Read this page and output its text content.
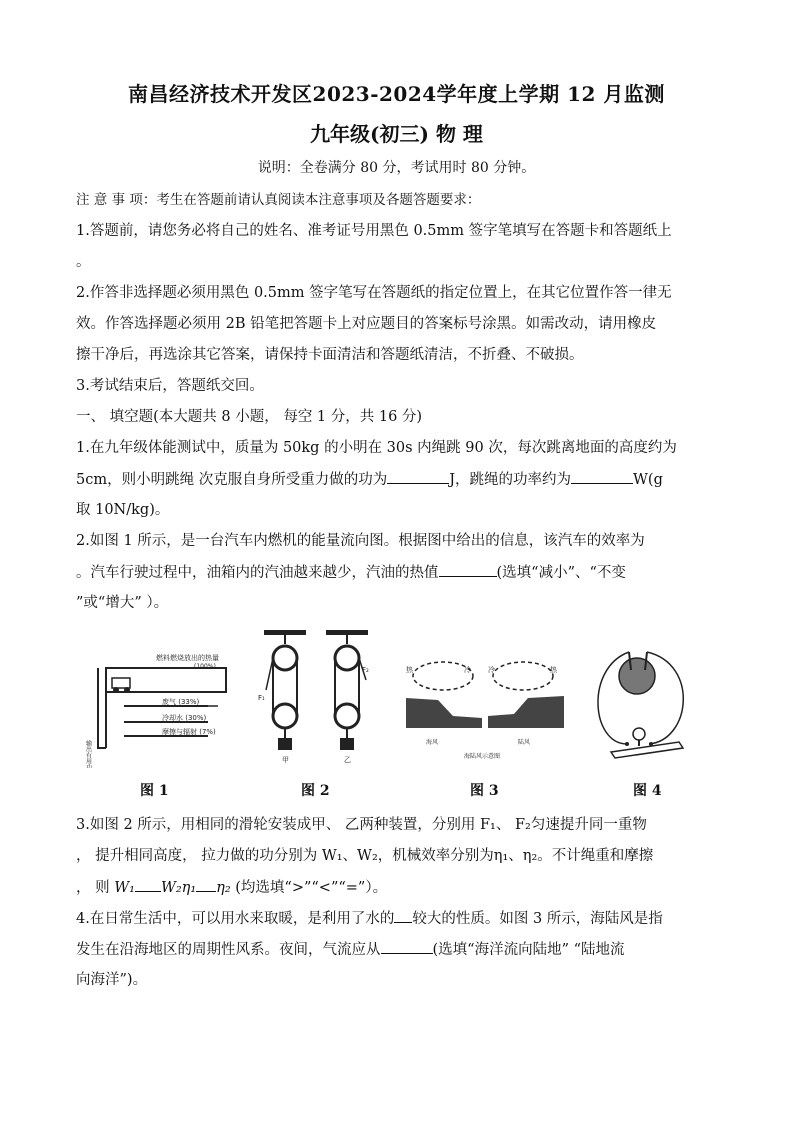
南昌经济技术开发区2023-2024学年度上学期 12 月监测
九年级(初三) 物 理
说明：全卷满分 80 分，考试用时 80 分钟。
注 意 事 项：考生在答题前请认真阅读本注意事项及各题答题要求：
1.答题前，请您务必将自己的姓名、准考证号用黑色 0.5mm 签字笔填写在答题卡和答题纸上
。
2.作答非选择题必须用黑色 0.5mm 签字笔写在答题纸的指定位置上，在其它位置作答一律无
效。作答选择题必须用 2B 铅笔把答题卡上对应题目的答案标号涂黑。如需改动，请用橡皮
擦干净后，再选涂其它答案，请保持卡面清洁和答题纸清洁，不折叠、不破损。
3.考试结束后，答题纸交回。
一、 填空题(本大题共 8 小题， 每空 1 分，共 16 分)
1.在九年级体能测试中，质量为 50kg 的小明在 30s 内绳跳 90 次，每次跳离地面的高度约为
5cm，则小明跳绳 次克服自身所受重力做的功为	J，跳绳的功率约为	W(g
取 10N/kg)。
2.如图 1 所示，是一台汽车内燃机的能量流向图。根据图中给出的信息，该汽车的效率为
。汽车行驶过程中，油箱内的汽油越来越少，汽油的热值	(选填“减小”、“不变
”或“增大” ）。
燃料燃烧放出的热量
(100%)
废气 (33%)
冷却水 (30%)
摩擦与辐射 (7%)
输出有用功
图 1
F₁
F₂
甲	乙
图 2
热	冷 冷	热
海风	陆风
海陆风示意图
图 3	图 4
3.如图 2 所示，用相同的滑轮安装成甲、 乙两种装置，分别用 F₁、 F₂匀速提升同一重物
， 提升相同高度， 拉力做的功分别为 W₁、W₂，机械效率分别为η₁、η₂。不计绳重和摩擦
， 则 W₁ W₂η₁ η₂ (均选填“>”“<”“=”）。
4.在日常生活中，可以用水来取暖，是利用了水的 较大的性质。如图 3 所示，海陆风是指
发生在沿海地区的周期性风系。夜间，气流应从	(选填“海洋流向陆地” “陆地流
向海洋”)。
